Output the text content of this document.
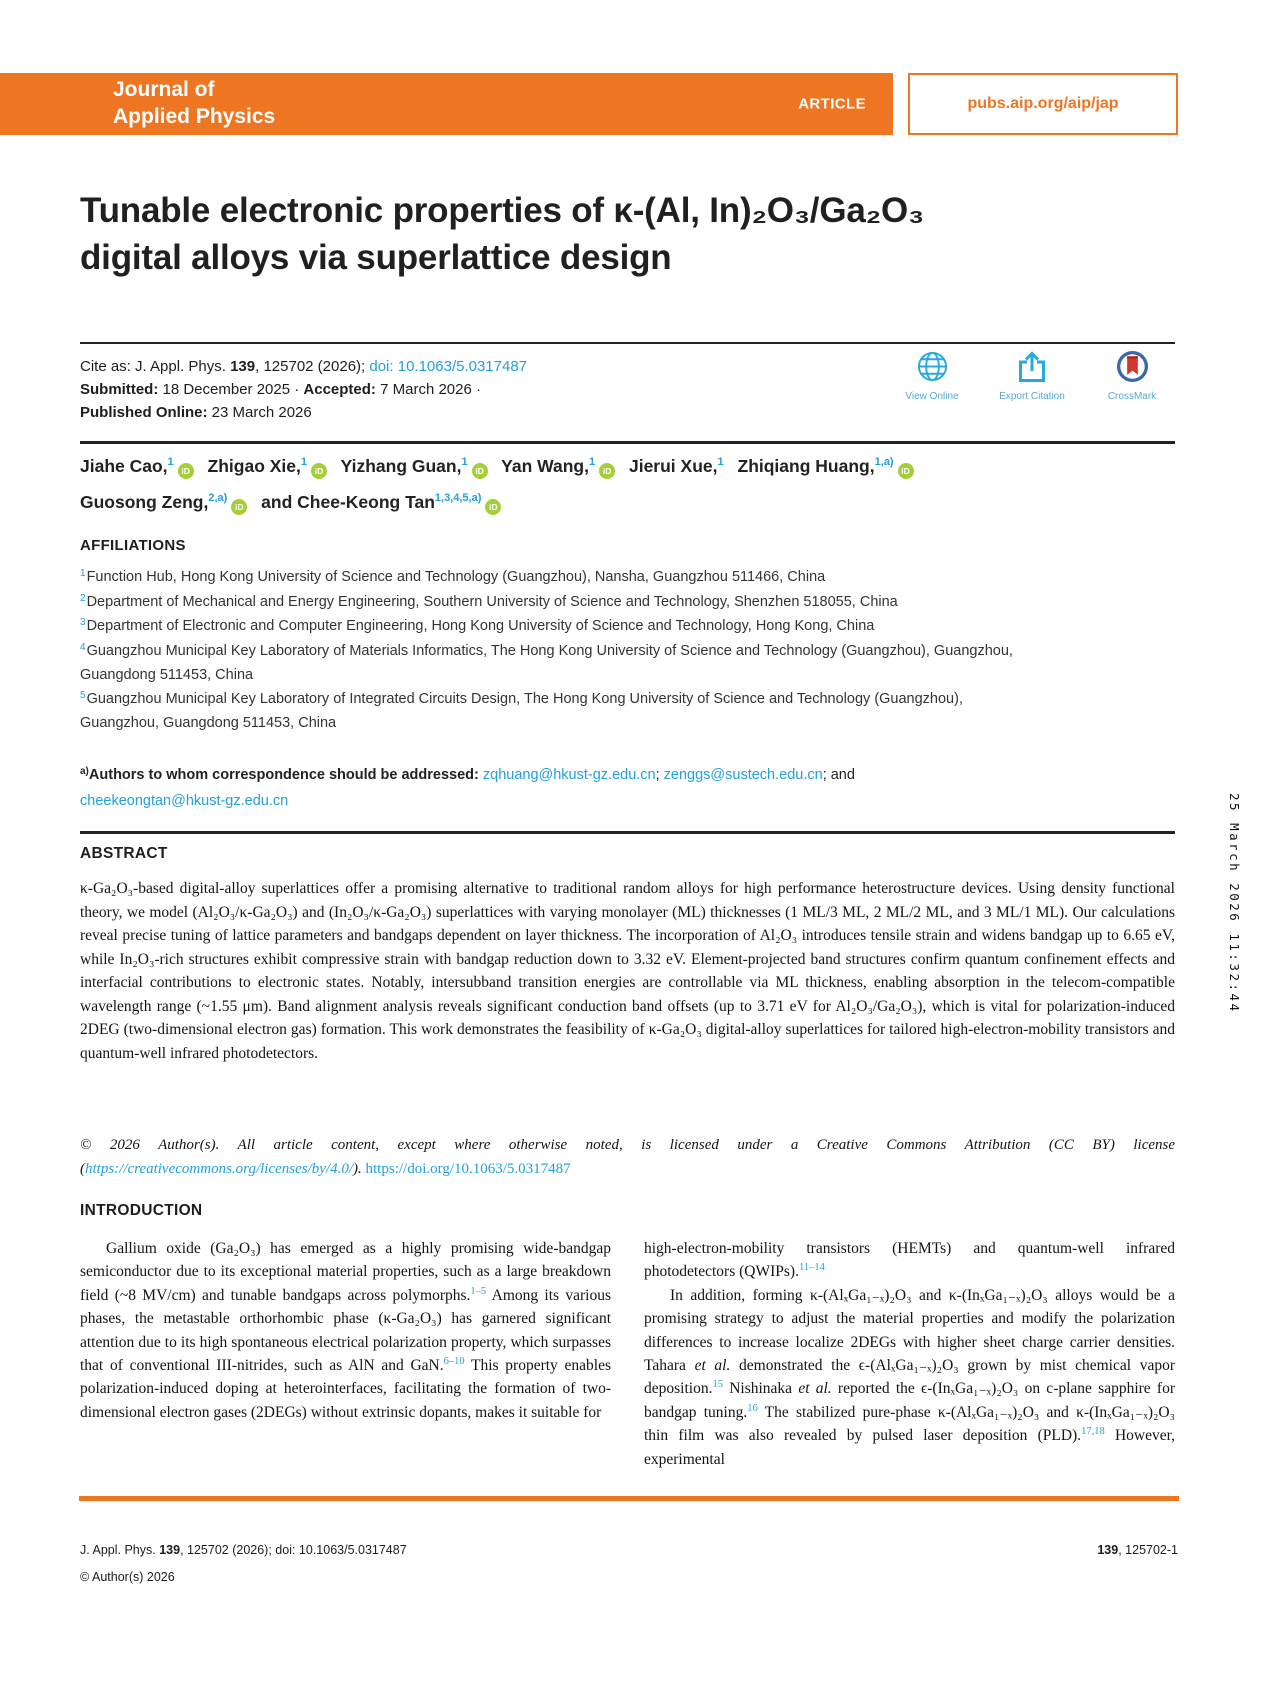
Journal of
Applied Physics
ARTICLE	pubs.aip.org/aip/jap
Tunable electronic properties of κ-(Al, In)₂O₃/Ga₂O₃
digital alloys via superlattice design
Cite as: J. Appl. Phys. 139, 125702 (2026); doi: 10.1063/5.0317487
Submitted: 18 December 2025 · Accepted: 7 March 2026 ·
Published Online: 23 March 2026
View Online	Export Citation	CrossMark
Jiahe Cao,$^1$iD Zhigao Xie,$^1$iD Yizhang Guan,$^1$iD Yan Wang,$^1$iD Jierui Xue,$^1$ Zhiqiang Huang,$^{1,a)}$iD
Guosong Zeng,$^{2,a)}$iD and Chee-Keong Tan$^{1,3,4,5,a)}$iD
AFFILIATIONS
$^1$Function Hub, Hong Kong University of Science and Technology (Guangzhou), Nansha, Guangzhou 511466, China
$^2$Department of Mechanical and Energy Engineering, Southern University of Science and Technology, Shenzhen 518055, China
$^3$Department of Electronic and Computer Engineering, Hong Kong University of Science and Technology, Hong Kong, China
$^4$Guangzhou Municipal Key Laboratory of Materials Informatics, The Hong Kong University of Science and Technology (Guangzhou), Guangzhou, Guangdong 511453, China
$^5$Guangzhou Municipal Key Laboratory of Integrated Circuits Design, The Hong Kong University of Science and Technology (Guangzhou), Guangzhou, Guangdong 511453, China
$^{a)}$Authors to whom correspondence should be addressed: zqhuang@hkust-gz.edu.cn; zenggs@sustech.edu.cn; and
cheekeongtan@hkust-gz.edu.cn
ABSTRACT
κ-Ga₂O₃-based digital-alloy superlattices offer a promising alternative to traditional random alloys for high performance heterostructure devices. Using density functional theory, we model (Al₂O₃/κ-Ga₂O₃) and (In₂O₃/κ-Ga₂O₃) superlattices with varying monolayer (ML) thicknesses (1 ML/3 ML, 2 ML/2 ML, and 3 ML/1 ML). Our calculations reveal precise tuning of lattice parameters and bandgaps dependent on layer thickness. The incorporation of Al₂O₃ introduces tensile strain and widens bandgap up to 6.65 eV, while In₂O₃-rich structures exhibit compressive strain with bandgap reduction down to 3.32 eV. Element-projected band structures confirm quantum confinement effects and interfacial contributions to electronic states. Notably, intersubband transition energies are controllable via ML thickness, enabling absorption in the telecom-compatible wavelength range (~1.55 μm). Band alignment analysis reveals significant conduction band offsets (up to 3.71 eV for Al₂O₃/Ga₂O₃), which is vital for polarization-induced 2DEG (two-dimensional electron gas) formation. This work demonstrates the feasibility of κ-Ga₂O₃ digital-alloy superlattices for tailored high-electron-mobility transistors and quantum-well infrared photodetectors.
© 2026 Author(s). All article content, except where otherwise noted, is licensed under a Creative Commons Attribution (CC BY) license (https://creativecommons.org/licenses/by/4.0/). https://doi.org/10.1063/5.0317487
INTRODUCTION

Gallium oxide (Ga₂O₃) has emerged as a highly promising wide-bandgap semiconductor due to its exceptional material properties, such as a large breakdown field (~8 MV/cm) and tunable bandgaps across polymorphs.$^{1-5}$ Among its various phases, the metastable orthorhombic phase (κ-Ga₂O₃) has garnered significant attention due to its high spontaneous electrical polarization property, which surpasses that of conventional III-nitrides, such as AlN and GaN.$^{6-10}$ This property enables polarization-induced doping at heterointerfaces, facilitating the formation of two-dimensional electron gases (2DEGs) without extrinsic dopants, makes it suitable for

high-electron-mobility transistors (HEMTs) and quantum-well infrared photodetectors (QWIPs).$^{11-14}$

In addition, forming κ-(AlₓGa₁₋ₓ)₂O₃ and κ-(InₓGa₁₋ₓ)₂O₃ alloys would be a promising strategy to adjust the material properties and modify the polarization differences to increase localize 2DEGs with higher sheet charge carrier densities. Tahara et al. demonstrated the ϵ-(AlₓGa₁₋ₓ)₂O₃ grown by mist chemical vapor deposition.$^{15}$ Nishinaka et al. reported the ϵ-(InₓGa₁₋ₓ)₂O₃ on c-plane sapphire for bandgap tuning.$^{16}$ The stabilized pure-phase κ-(AlₓGa₁₋ₓ)₂O₃ and κ-(InₓGa₁₋ₓ)₂O₃ thin film was also revealed by pulsed laser deposition (PLD).$^{17,18}$ However, experimental

J. Appl. Phys. 139, 125702 (2026); doi: 10.1063/5.0317487
© Author(s) 2026
139, 125702-1
25 March 2026 11:32:44
